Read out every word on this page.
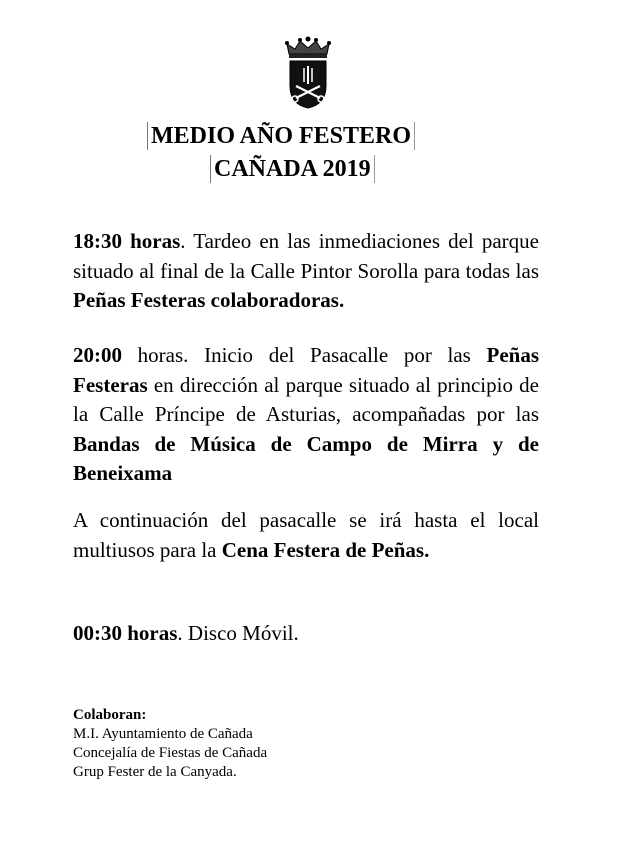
MEDIO AÑO FESTERO
CAÑADA 2019

18:30 horas. Tardeo en las inmediaciones del parque situado al final de la Calle Pintor Sorolla para todas las Peñas Festeras colaboradoras.

20:00 horas. Inicio del Pasacalle por las Peñas Festeras en dirección al parque situado al principio de la Calle Príncipe de Asturias, acompañadas por las Bandas de Música de Campo de Mirra y de Beneixama

A continuación del pasacalle se irá hasta el local multiusos para la Cena Festera de Peñas.

00:30 horas. Disco Móvil.

Colaboran:
M.I. Ayuntamiento de Cañada
Concejalía de Fiestas de Cañada
Grup Fester de la Canyada.
